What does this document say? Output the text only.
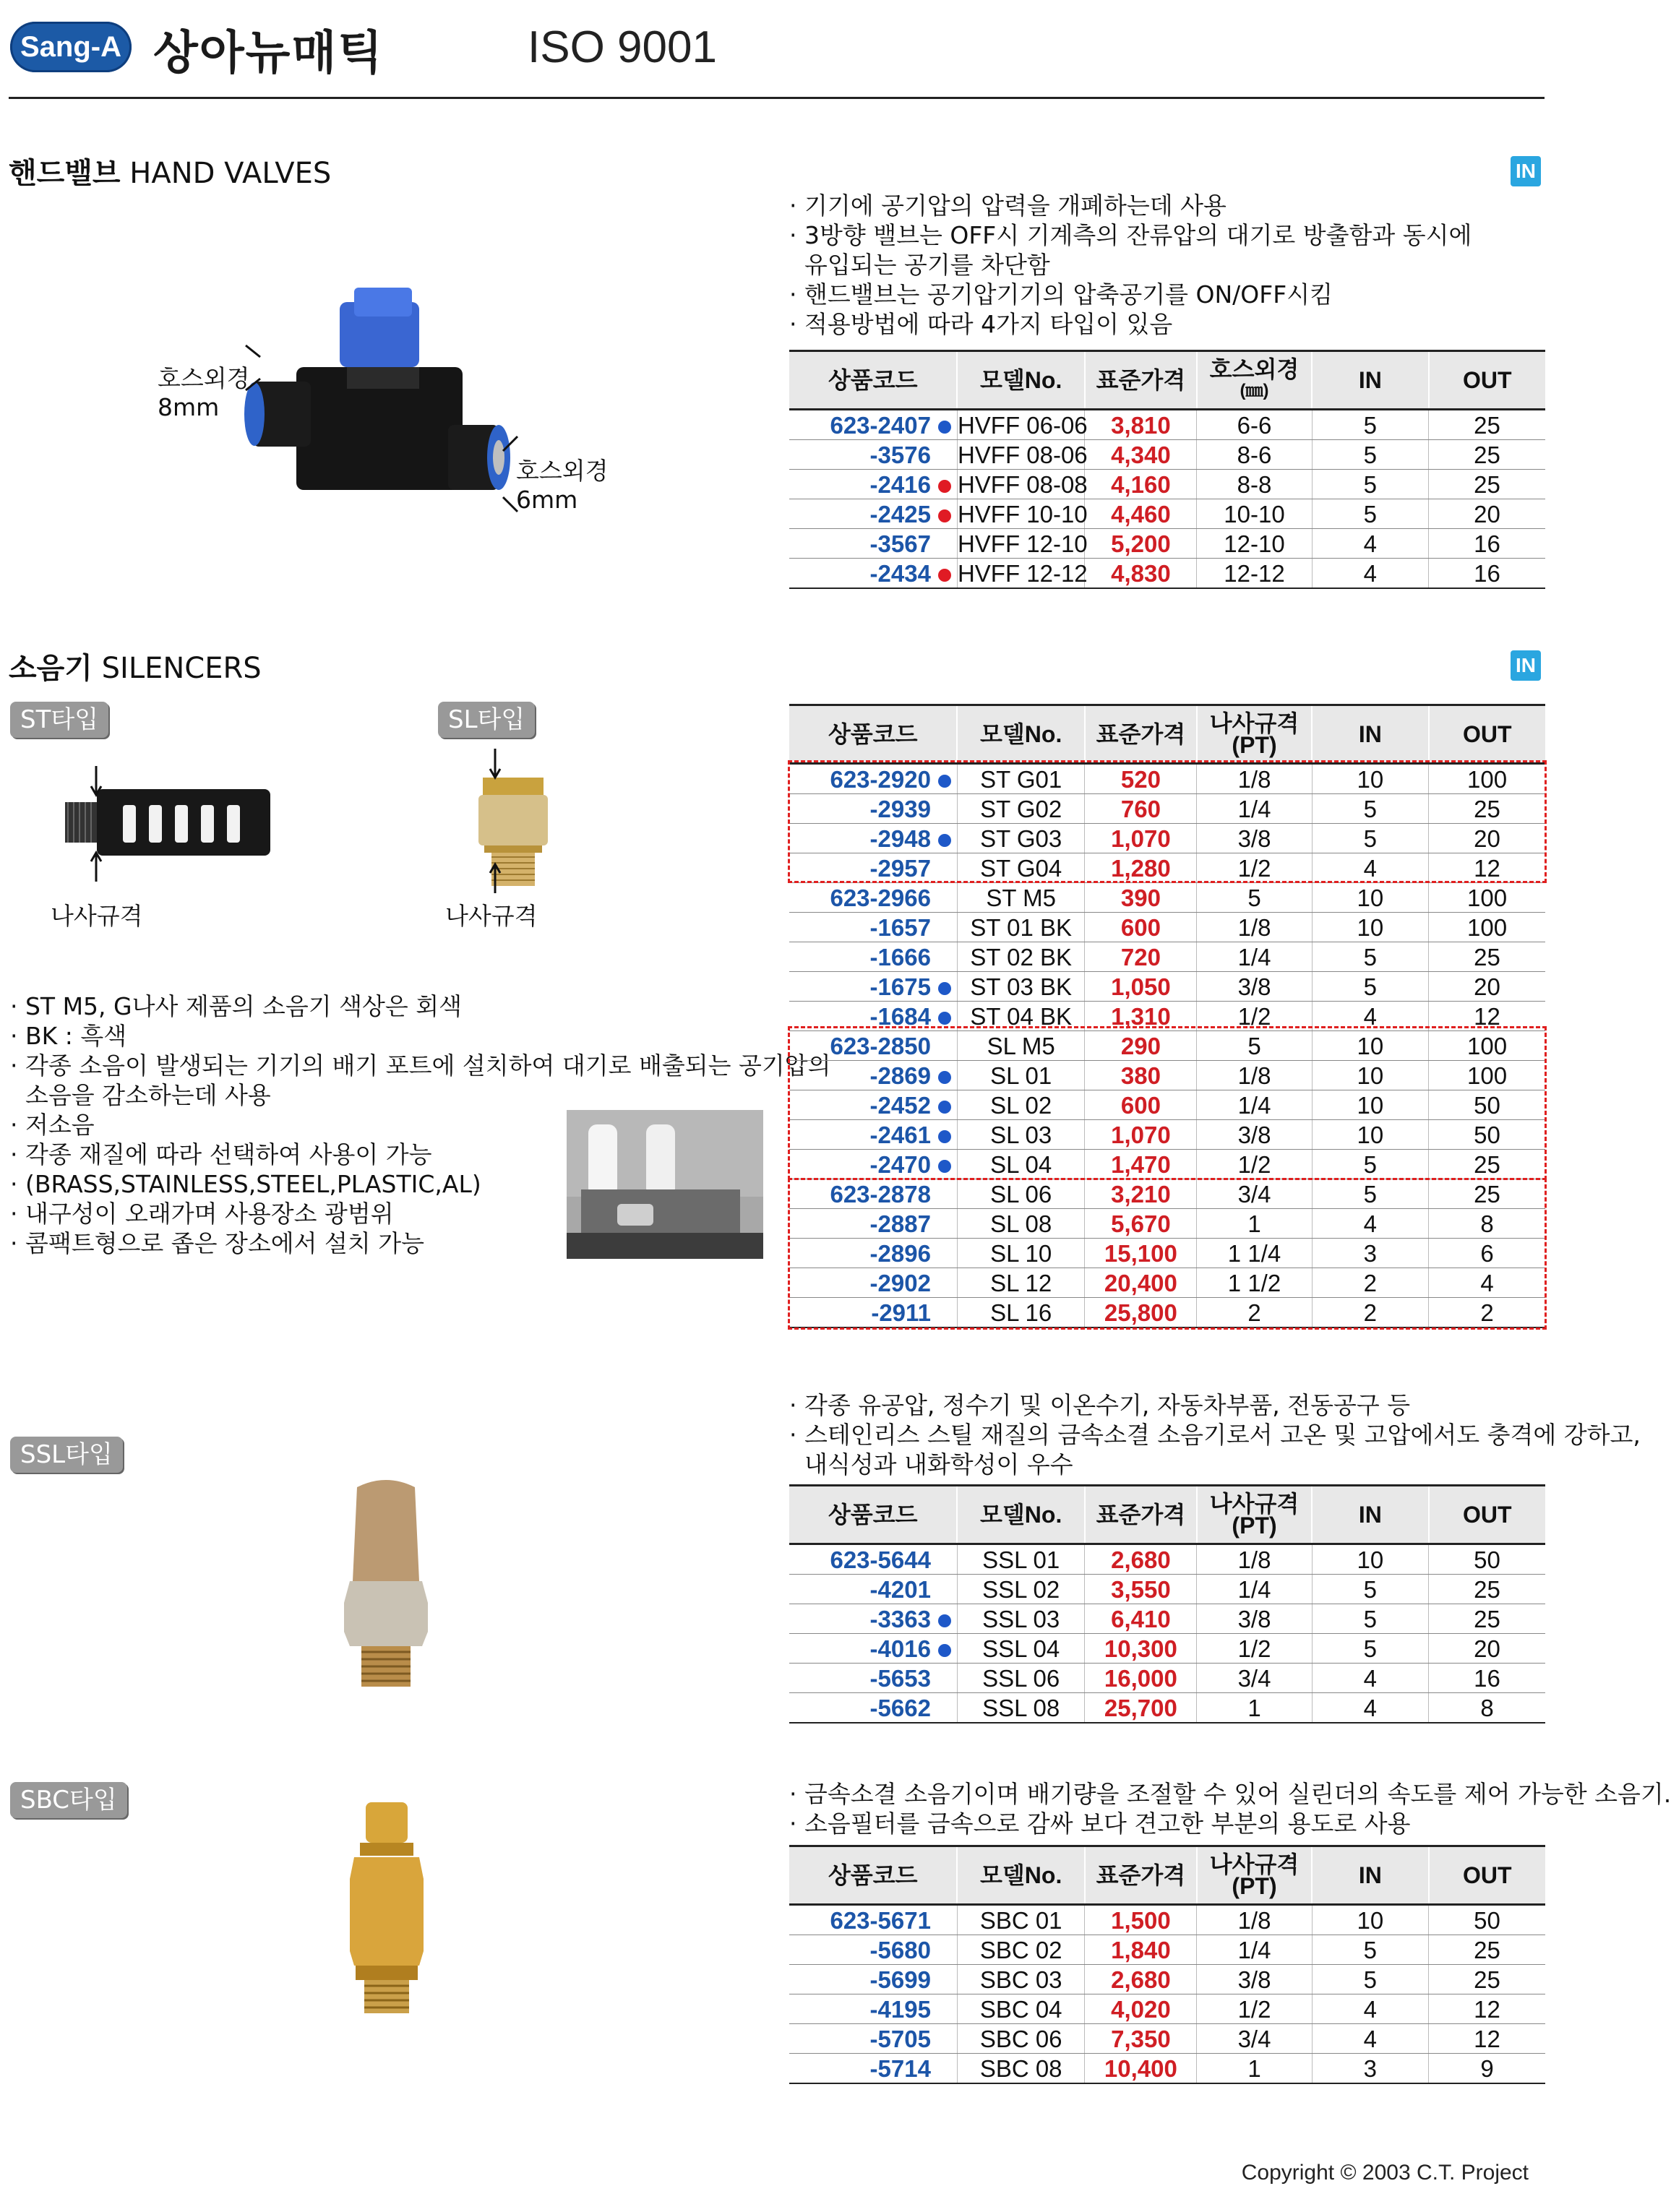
Sang-A 상아뉴매틱	ISO 9001
핸드밸브 HAND VALVES	IN
· 기기에 공기압의 압력을 개폐하는데 사용
· 3방향 밸브는 OFF시 기계측의 잔류압의 대기로 방출함과 동시에
유입되는 공기를 차단함
· 핸드밸브는 공기압기기의 압축공기를 ON/OFF시킴
· 적용방법에 따라 4가지 타입이 있음
호스외경
8mm
호스외경
6mm
상품코드	모델No.	표준가격	호스외경
(㎜)	IN	OUT
623-2407	HVFF 06-06	3,810	6-6	5	25
-3576	HVFF 08-06	4,340	8-6	5	25
-2416	HVFF 08-08	4,160	8-8	5	25
-2425	HVFF 10-10	4,460	10-10	5	20
-3567	HVFF 12-10	5,200	12-10	4	16
-2434	HVFF 12-12	4,830	12-12	4	16
소음기 SILENCERS	IN
ST타입	SL타입
나사규격	나사규격
· ST M5, G나사 제품의 소음기 색상은 회색
· BK : 흑색
· 각종 소음이 발생되는 기기의 배기 포트에 설치하여 대기로 배출되는 공기압의
소음을 감소하는데 사용
· 저소음
· 각종 재질에 따라 선택하여 사용이 가능
· (BRASS,STAINLESS,STEEL,PLASTIC,AL)
· 내구성이 오래가며 사용장소 광범위
· 콤팩트형으로 좁은 장소에서 설치 가능
상품코드	모델No.	표준가격	나사규격
(PT)	IN	OUT
623-2920	ST G01	520	1/8	10	100
-2939	ST G02	760	1/4	5	25
-2948	ST G03	1,070	3/8	5	20
-2957	ST G04	1,280	1/2	4	12
623-2966	ST M5	390	5	10	100
-1657	ST 01 BK	600	1/8	10	100
-1666	ST 02 BK	720	1/4	5	25
-1675	ST 03 BK	1,050	3/8	5	20
-1684	ST 04 BK	1,310	1/2	4	12
623-2850	SL M5	290	5	10	100
-2869	SL 01	380	1/8	10	100
-2452	SL 02	600	1/4	10	50
-2461	SL 03	1,070	3/8	10	50
-2470	SL 04	1,470	1/2	5	25
623-2878	SL 06	3,210	3/4	5	25
-2887	SL 08	5,670	1	4	8
-2896	SL 10	15,100	1 1/4	3	6
-2902	SL 12	20,400	1 1/2	2	4
-2911	SL 16	25,800	2	2	2
SSL타입
· 각종 유공압, 정수기 및 이온수기, 자동차부품, 전동공구 등
· 스테인리스 스틸 재질의 금속소결 소음기로서 고온 및 고압에서도 충격에 강하고,
내식성과 내화학성이 우수
상품코드	모델No.	표준가격	나사규격
(PT)	IN	OUT
623-5644	SSL 01	2,680	1/8	10	50
-4201	SSL 02	3,550	1/4	5	25
-3363	SSL 03	6,410	3/8	5	25
-4016	SSL 04	10,300	1/2	5	20
-5653	SSL 06	16,000	3/4	4	16
-5662	SSL 08	25,700	1	4	8
SBC타입	· 금속소결 소음기이며 배기량을 조절할 수 있어 실린더의 속도를 제어 가능한 소음기.
· 소음필터를 금속으로 감싸 보다 견고한 부분의 용도로 사용
상품코드	모델No.	표준가격	나사규격
(PT)	IN	OUT
623-5671	SBC 01	1,500	1/8	10	50
-5680	SBC 02	1,840	1/4	5	25
-5699	SBC 03	2,680	3/8	5	25
-4195	SBC 04	4,020	1/2	4	12
-5705	SBC 06	7,350	3/4	4	12
-5714	SBC 08	10,400	1	3	9
Copyright © 2003 C.T. Project
